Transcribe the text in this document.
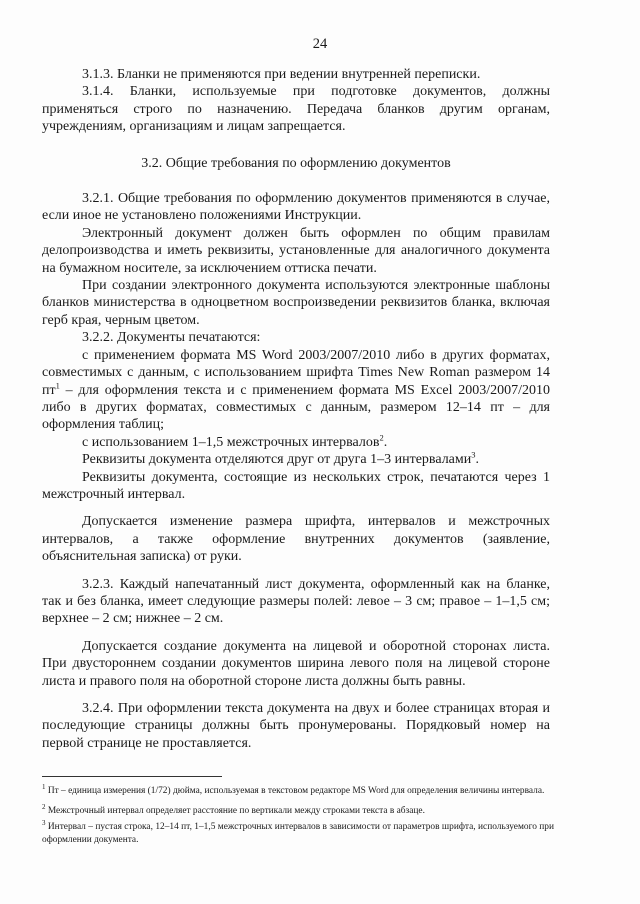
24

3.1.3. Бланки не применяются при ведении внутренней переписки.

3.1.4. Бланки, используемые при подготовке документов, должны применяться строго по назначению. Передача бланков другим органам, учреждениям, организациям и лицам запрещается.

3.2. Общие требования по оформлению документов

3.2.1. Общие требования по оформлению документов применяются в случае, если иное не установлено положениями Инструкции.

Электронный документ должен быть оформлен по общим правилам делопроизводства и иметь реквизиты, установленные для аналогичного документа на бумажном носителе, за исключением оттиска печати.

При создании электронного документа используются электронные шаблоны бланков министерства в одноцветном воспроизведении реквизитов бланка, включая герб края, черным цветом.

3.2.2. Документы печатаются:

с применением формата MS Word 2003/2007/2010 либо в других форматах, совместимых с данным, с использованием шрифта Times New Roman размером 14 пт$^1$ – для оформления текста и с применением формата MS Excel 2003/2007/2010 либо в других форматах, совместимых с данным, размером 12–14 пт – для оформления таблиц;

с использованием 1–1,5 межстрочных интервалов$^2$.

Реквизиты документа отделяются друг от друга 1–3 интервалами$^3$.

Реквизиты документа, состоящие из нескольких строк, печатаются через 1 межстрочный интервал.

Допускается изменение размера шрифта, интервалов и межстрочных интервалов, а также оформление внутренних документов (заявление, объяснительная записка) от руки.

3.2.3. Каждый напечатанный лист документа, оформленный как на бланке, так и без бланка, имеет следующие размеры полей: левое – 3 см; правое – 1–1,5 см; верхнее – 2 см; нижнее – 2 см.

Допускается создание документа на лицевой и оборотной сторонах листа. При двустороннем создании документов ширина левого поля на лицевой стороне листа и правого поля на оборотной стороне листа должны быть равны.

3.2.4. При оформлении текста документа на двух и более страницах вторая и последующие страницы должны быть пронумерованы. Порядковый номер на первой странице не проставляется.

$^1$ Пт – единица измерения (1/72) дюйма, используемая в текстовом редакторе MS Word для определения величины интервала.

$^2$ Межстрочный интервал определяет расстояние по вертикали между строками текста в абзаце.

$^3$ Интервал – пустая строка, 12–14 пт, 1–1,5 межстрочных интервалов в зависимости от параметров шрифта, используемого при оформлении документа.
